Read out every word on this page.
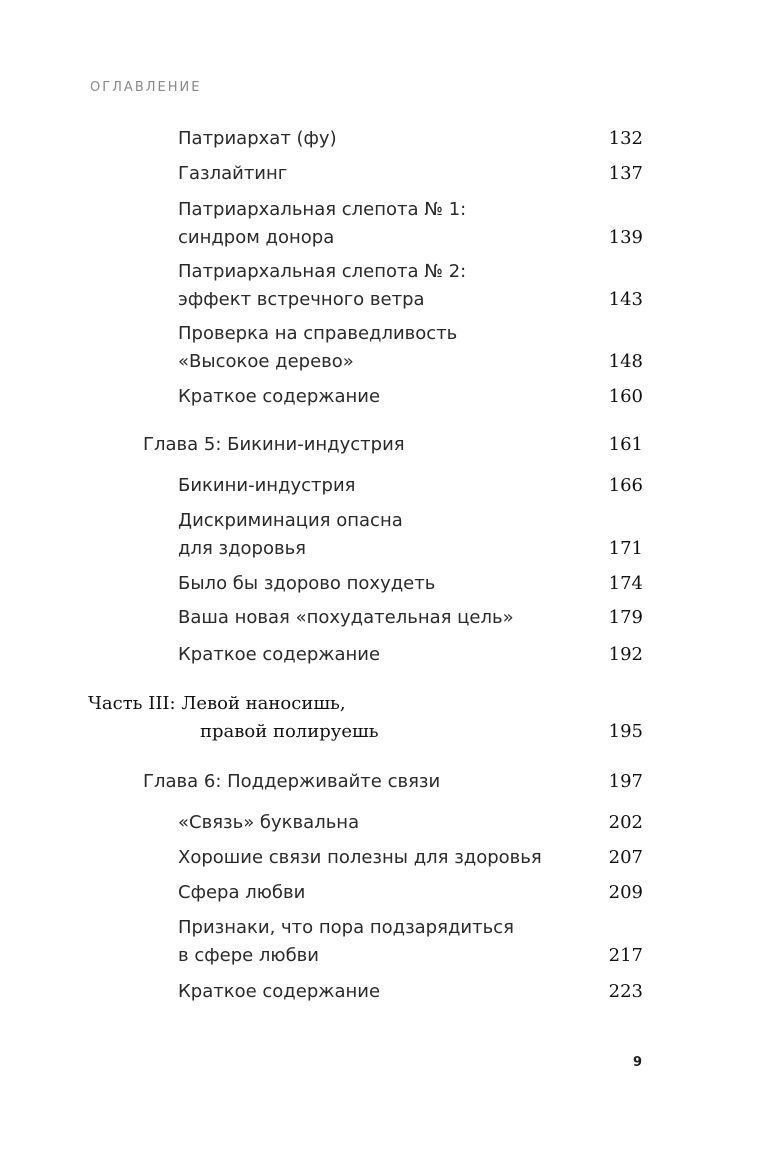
ОГЛАВЛЕНИЕ
Патриархат (фу)	132
Газлайтинг	137
Патриархальная слепота № 1:
синдром донора	139
Патриархальная слепота № 2:
эффект встречного ветра	143
Проверка на справедливость
«Высокое дерево»	148
Краткое содержание	160
Глава 5: Бикини-индустрия	161
Бикини-индустрия	166
Дискриминация опасна
для здоровья	171
Было бы здорово похудеть	174
Ваша новая «похудательная цель»	179
Краткое содержание	192
Часть III: Левой наносишь,
правой полируешь	195
Глава 6: Поддерживайте связи	197
«Связь» буквальна	202
Хорошие связи полезны для здоровья	207
Сфера любви	209
Признаки, что пора подзарядиться
в сфере любви	217
Краткое содержание	223
9
